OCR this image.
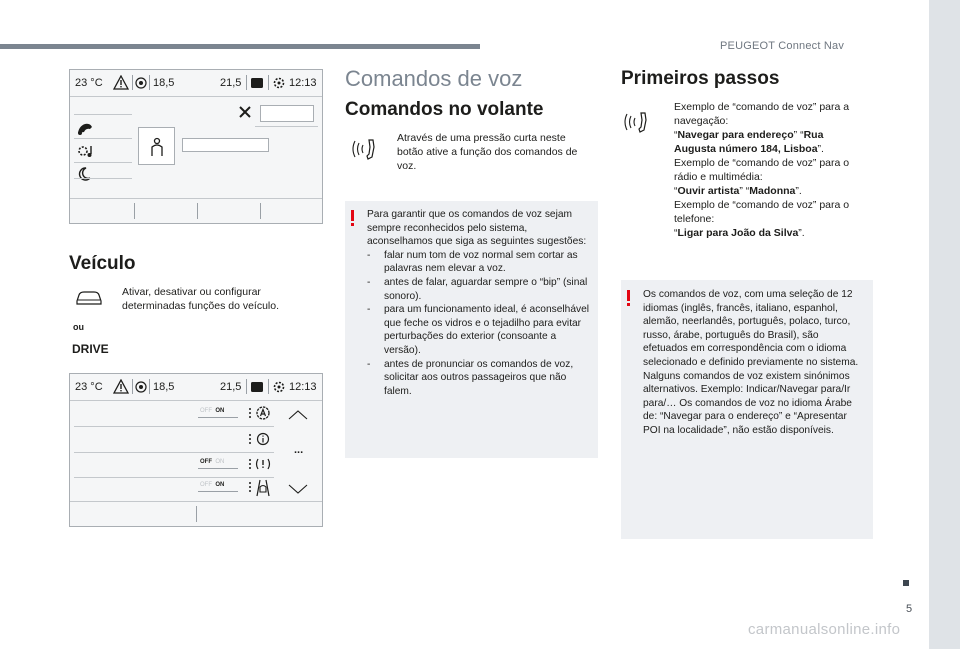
PEUGEOT Connect Nav
5
carmanualsonline.info
23 °C	18,5	21,5	12:13
Veículo
Ativar, desativar ou configurar determinadas funções do veículo.
ou
DRIVE
23 °C	18,5	21,5	12:13
OFF ON
...
OFF ON
OFF ON
Comandos de voz
Comandos no volante
Através de uma pressão curta neste botão ative a função dos comandos de voz.
Para garantir que os comandos de voz sejam sempre reconhecidos pelo sistema, aconselhamos que siga as seguintes sugestões:
- falar num tom de voz normal sem cortar as palavras nem elevar a voz.
- antes de falar, aguardar sempre o “bip” (sinal sonoro).
- para um funcionamento ideal, é aconselhável que feche os vidros e o tejadilho para evitar perturbações do exterior (consoante a versão).
- antes de pronunciar os comandos de voz, solicitar aos outros passageiros que não falem.
Primeiros passos
Exemplo de “comando de voz” para a navegação:
“Navegar para endereço” “Rua Augusta número 184, Lisboa”.
Exemplo de “comando de voz” para o rádio e multimédia:
“Ouvir artista” “Madonna”.
Exemplo de “comando de voz” para o telefone:
“Ligar para João da Silva”.
Os comandos de voz, com uma seleção de 12 idiomas (inglês, francês, italiano, espanhol, alemão, neerlandês, português, polaco, turco, russo, árabe, português do Brasil), são efetuados em correspondência com o idioma selecionado e definido previamente no sistema. Nalguns comandos de voz existem sinónimos alternativos. Exemplo: Indicar/Navegar para/Ir para/… Os comandos de voz no idioma Árabe de: “Navegar para o endereço” e “Apresentar POI na localidade”, não estão disponíveis.
